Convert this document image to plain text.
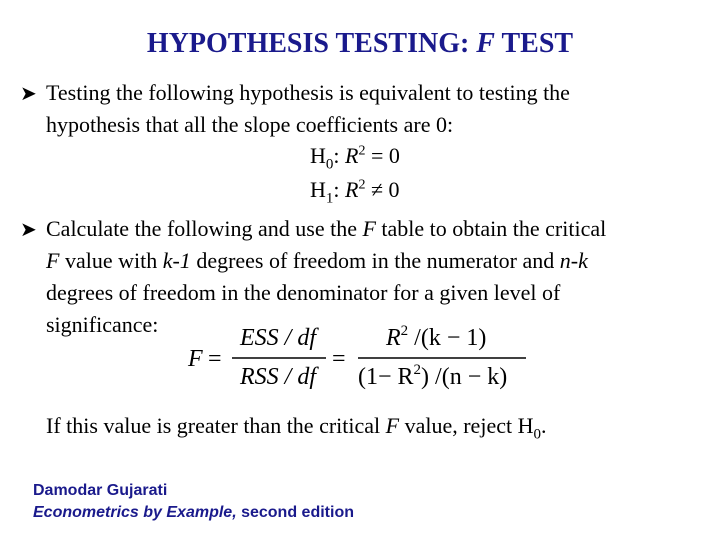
HYPOTHESIS TESTING: F TEST
➤ Testing the following hypothesis is equivalent to testing the
hypothesis that all the slope coefficients are 0:
$H_0$: $R^2 = 0$
$H_1$: $R^2 \ne 0$
➤ Calculate the following and use the F table to obtain the critical
F value with k-1 degrees of freedom in the numerator and n-k
degrees of freedom in the denominator for a given level of
significance:
F =
ESS / df
RSS / df
=
$R^2$ /(k − 1)
$(1- R^2)$ /(n − k)
If this value is greater than the critical F value, reject $H_0$.
Damodar Gujarati
Econometrics by Example, second edition
